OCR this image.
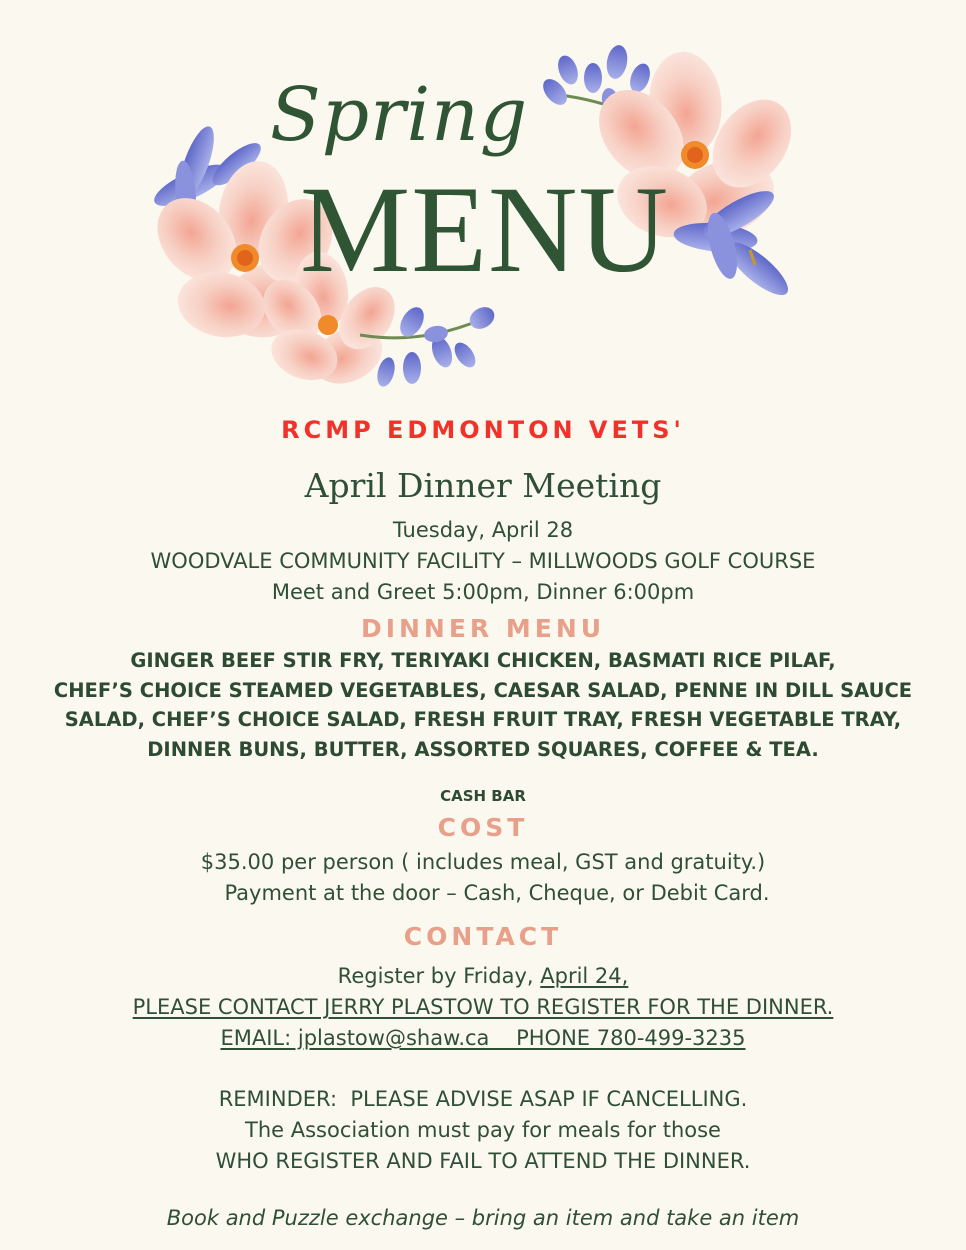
Spring
MENU
RCMP EDMONTON VETS'
April Dinner Meeting
Tuesday, April 28
WOODVALE COMMUNITY FACILITY – MILLWOODS GOLF COURSE
Meet and Greet 5:00pm, Dinner 6:00pm
DINNER MENU
GINGER BEEF STIR FRY, TERIYAKI CHICKEN, BASMATI RICE PILAF,
CHEF’S CHOICE STEAMED VEGETABLES, CAESAR SALAD, PENNE IN DILL SAUCE
SALAD, CHEF’S CHOICE SALAD, FRESH FRUIT TRAY, FRESH VEGETABLE TRAY,
DINNER BUNS, BUTTER, ASSORTED SQUARES, COFFEE & TEA.
CASH BAR
COST
$35.00 per person ( includes meal, GST and gratuity.)
Payment at the door – Cash, Cheque, or Debit Card.
CONTACT
Register by Friday, April 24,
PLEASE CONTACT JERRY PLASTOW TO REGISTER FOR THE DINNER.
EMAIL: jplastow@shaw.ca    PHONE 780-499-3235
REMINDER:  PLEASE ADVISE ASAP IF CANCELLING.
The Association must pay for meals for those
WHO REGISTER AND FAIL TO ATTEND THE DINNER.
Book and Puzzle exchange – bring an item and take an item
